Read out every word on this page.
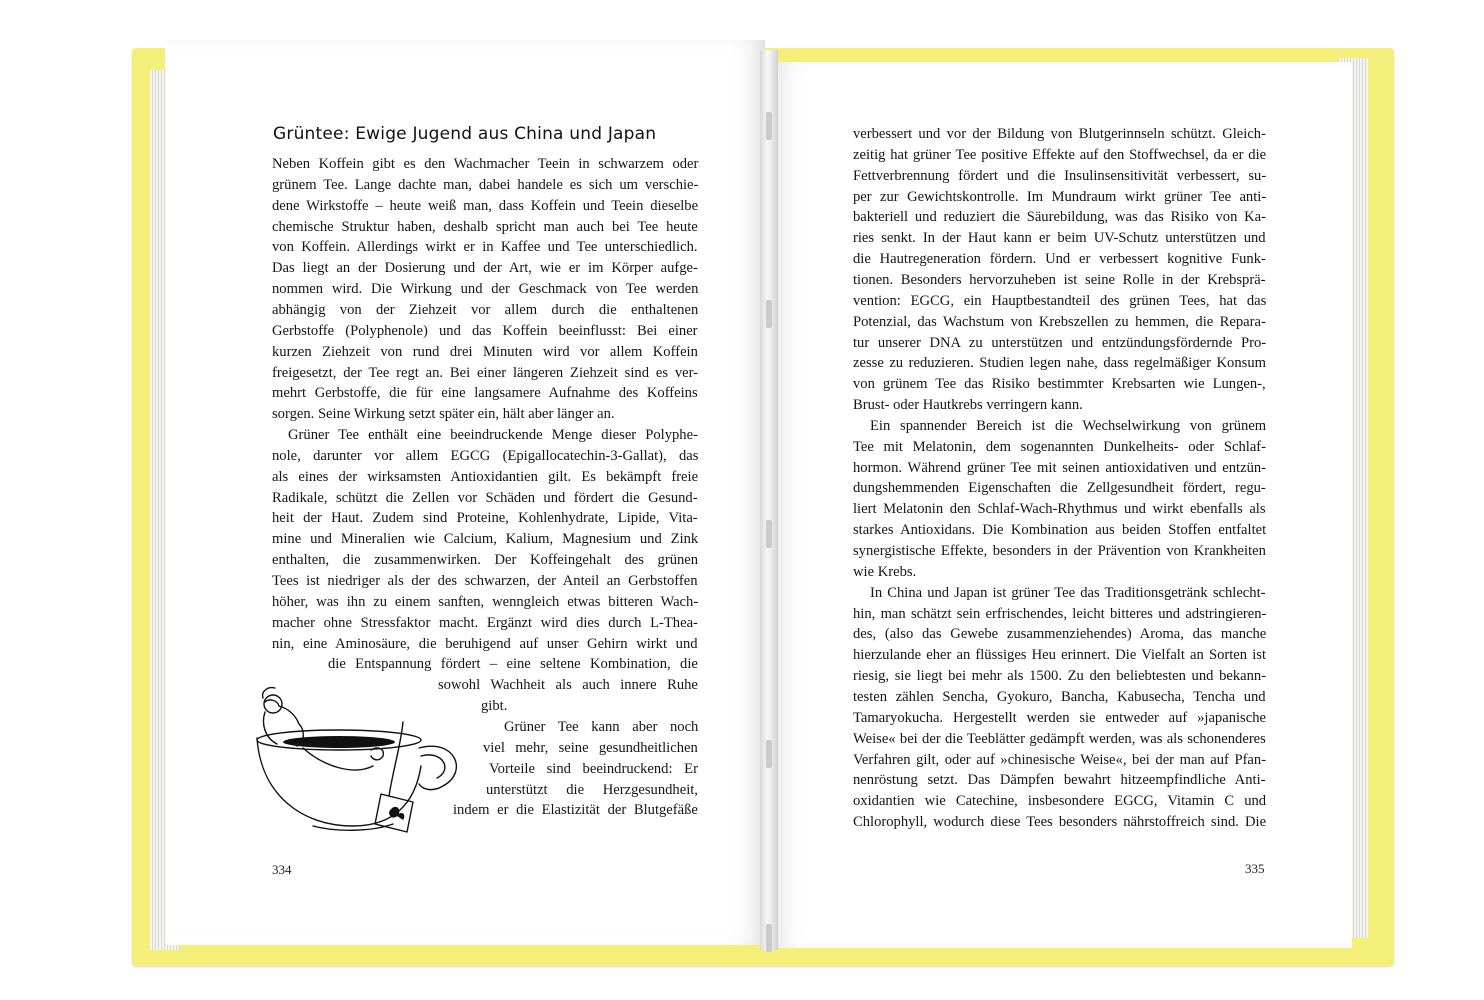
Grüntee: Ewige Jugend aus China und Japan
Neben Koffein gibt es den Wachmacher Teein in schwarzem oder
grünem Tee. Lange dachte man, dabei handele es sich um verschie-
dene Wirkstoffe – heute weiß man, dass Koffein und Teein dieselbe
chemische Struktur haben, deshalb spricht man auch bei Tee heute
von Koffein. Allerdings wirkt er in Kaffee und Tee unterschiedlich.
Das liegt an der Dosierung und der Art, wie er im Körper aufge-
nommen wird. Die Wirkung und der Geschmack von Tee werden
abhängig von der Ziehzeit vor allem durch die enthaltenen
Gerbstoffe (Polyphenole) und das Koffein beeinflusst: Bei einer
kurzen Ziehzeit von rund drei Minuten wird vor allem Koffein
freigesetzt, der Tee regt an. Bei einer längeren Ziehzeit sind es ver-
mehrt Gerbstoffe, die für eine langsamere Aufnahme des Koffeins
sorgen. Seine Wirkung setzt später ein, hält aber länger an.
Grüner Tee enthält eine beeindruckende Menge dieser Polyphe-
nole, darunter vor allem EGCG (Epigallocatechin-3-Gallat), das
als eines der wirksamsten Antioxidantien gilt. Es bekämpft freie
Radikale, schützt die Zellen vor Schäden und fördert die Gesund-
heit der Haut. Zudem sind Proteine, Kohlenhydrate, Lipide, Vita-
mine und Mineralien wie Calcium, Kalium, Magnesium und Zink
enthalten, die zusammenwirken. Der Koffeingehalt des grünen
Tees ist niedriger als der des schwarzen, der Anteil an Gerbstoffen
höher, was ihn zu einem sanften, wenngleich etwas bitteren Wach-
macher ohne Stressfaktor macht. Ergänzt wird dies durch L-Thea-
nin, eine Aminosäure, die beruhigend auf unser Gehirn wirkt und
die Entspannung fördert – eine seltene Kombination, die
sowohl Wachheit als auch innere Ruhe
gibt.
Grüner Tee kann aber noch
viel mehr, seine gesundheitlichen
Vorteile sind beeindruckend: Er
unterstützt die Herzgesundheit,
indem er die Elastizität der Blutgefäße
334
verbessert und vor der Bildung von Blutgerinnseln schützt. Gleich-
zeitig hat grüner Tee positive Effekte auf den Stoffwechsel, da er die
Fettverbrennung fördert und die Insulinsensitivität verbessert, su-
per zur Gewichtskontrolle. Im Mundraum wirkt grüner Tee anti-
bakteriell und reduziert die Säurebildung, was das Risiko von Ka-
ries senkt. In der Haut kann er beim UV-Schutz unterstützen und
die Hautregeneration fördern. Und er verbessert kognitive Funk-
tionen. Besonders hervorzuheben ist seine Rolle in der Krebsprä-
vention: EGCG, ein Hauptbestandteil des grünen Tees, hat das
Potenzial, das Wachstum von Krebszellen zu hemmen, die Repara-
tur unserer DNA zu unterstützen und entzündungsfördernde Pro-
zesse zu reduzieren. Studien legen nahe, dass regelmäßiger Konsum
von grünem Tee das Risiko bestimmter Krebsarten wie Lungen-,
Brust- oder Hautkrebs verringern kann.
Ein spannender Bereich ist die Wechselwirkung von grünem
Tee mit Melatonin, dem sogenannten Dunkelheits- oder Schlaf-
hormon. Während grüner Tee mit seinen antioxidativen und entzün-
dungshemmenden Eigenschaften die Zellgesundheit fördert, regu-
liert Melatonin den Schlaf-Wach-Rhythmus und wirkt ebenfalls als
starkes Antioxidans. Die Kombination aus beiden Stoffen entfaltet
synergistische Effekte, besonders in der Prävention von Krankheiten
wie Krebs.
In China und Japan ist grüner Tee das Traditionsgetränk schlecht-
hin, man schätzt sein erfrischendes, leicht bitteres und adstringieren-
des, (also das Gewebe zusammenziehendes) Aroma, das manche
hierzulande eher an flüssiges Heu erinnert. Die Vielfalt an Sorten ist
riesig, sie liegt bei mehr als 1500. Zu den beliebtesten und bekann-
testen zählen Sencha, Gyokuro, Bancha, Kabusecha, Tencha und
Tamaryokucha. Hergestellt werden sie entweder auf »japanische
Weise« bei der die Teeblätter gedämpft werden, was als schonenderes
Verfahren gilt, oder auf »chinesische Weise«, bei der man auf Pfan-
nenröstung setzt. Das Dämpfen bewahrt hitzeempfindliche Anti-
oxidantien wie Catechine, insbesondere EGCG, Vitamin C und
Chlorophyll, wodurch diese Tees besonders nährstoffreich sind. Die
335
